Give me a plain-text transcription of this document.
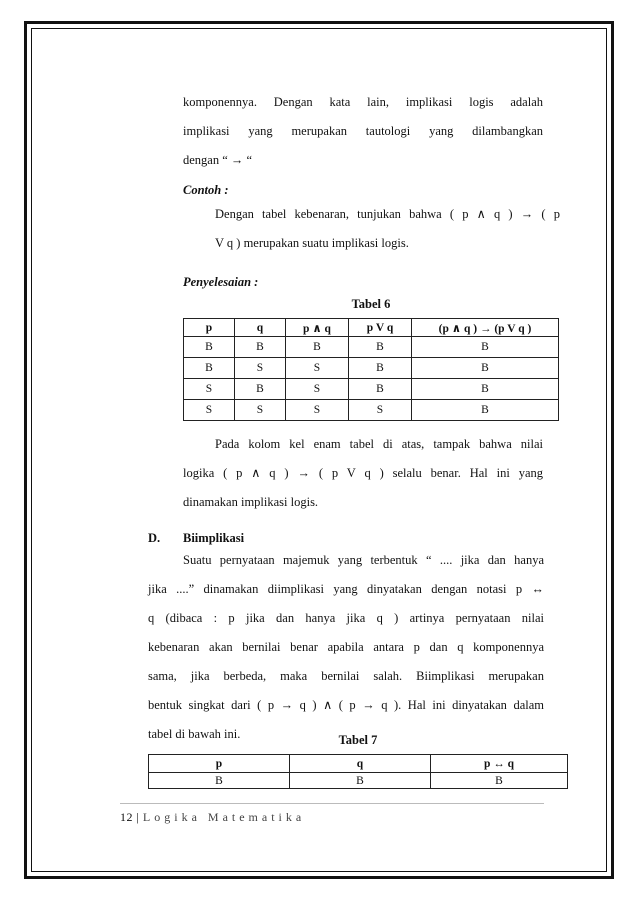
komponennya. Dengan kata lain, implikasi logis adalah
implikasi yang merupakan tautologi yang dilambangkan
dengan “ → “
Contoh :
Dengan tabel kebenaran, tunjukan bahwa ( p ∧ q ) → ( p
V q ) merupakan suatu implikasi logis.
Penyelesaian :
Tabel 6
p	q	p ∧ q	p V q	(p ∧ q ) → (p V q )
B	B	B	B	B
B	S	S	B	B
S	B	S	B	B
S	S	S	S	B
Pada kolom kel enam tabel di atas, tampak bahwa nilai
logika ( p ∧ q ) → ( p V q ) selalu benar. Hal ini yang
dinamakan implikasi logis.
D. Biimplikasi
Suatu pernyataan majemuk yang terbentuk “ .... jika dan hanya
jika ....” dinamakan diimplikasi yang dinyatakan dengan notasi p ↔
q (dibaca : p jika dan hanya jika q ) artinya pernyataan nilai
kebenaran akan bernilai benar apabila antara p dan q komponennya
sama, jika berbeda, maka bernilai salah. Biimplikasi merupakan
bentuk singkat dari ( p → q ) ∧ ( p → q ). Hal ini dinyatakan dalam
tabel di bawah ini.	Tabel 7
p	q	p ↔ q
B	B	B
12 | Logika Matematika
